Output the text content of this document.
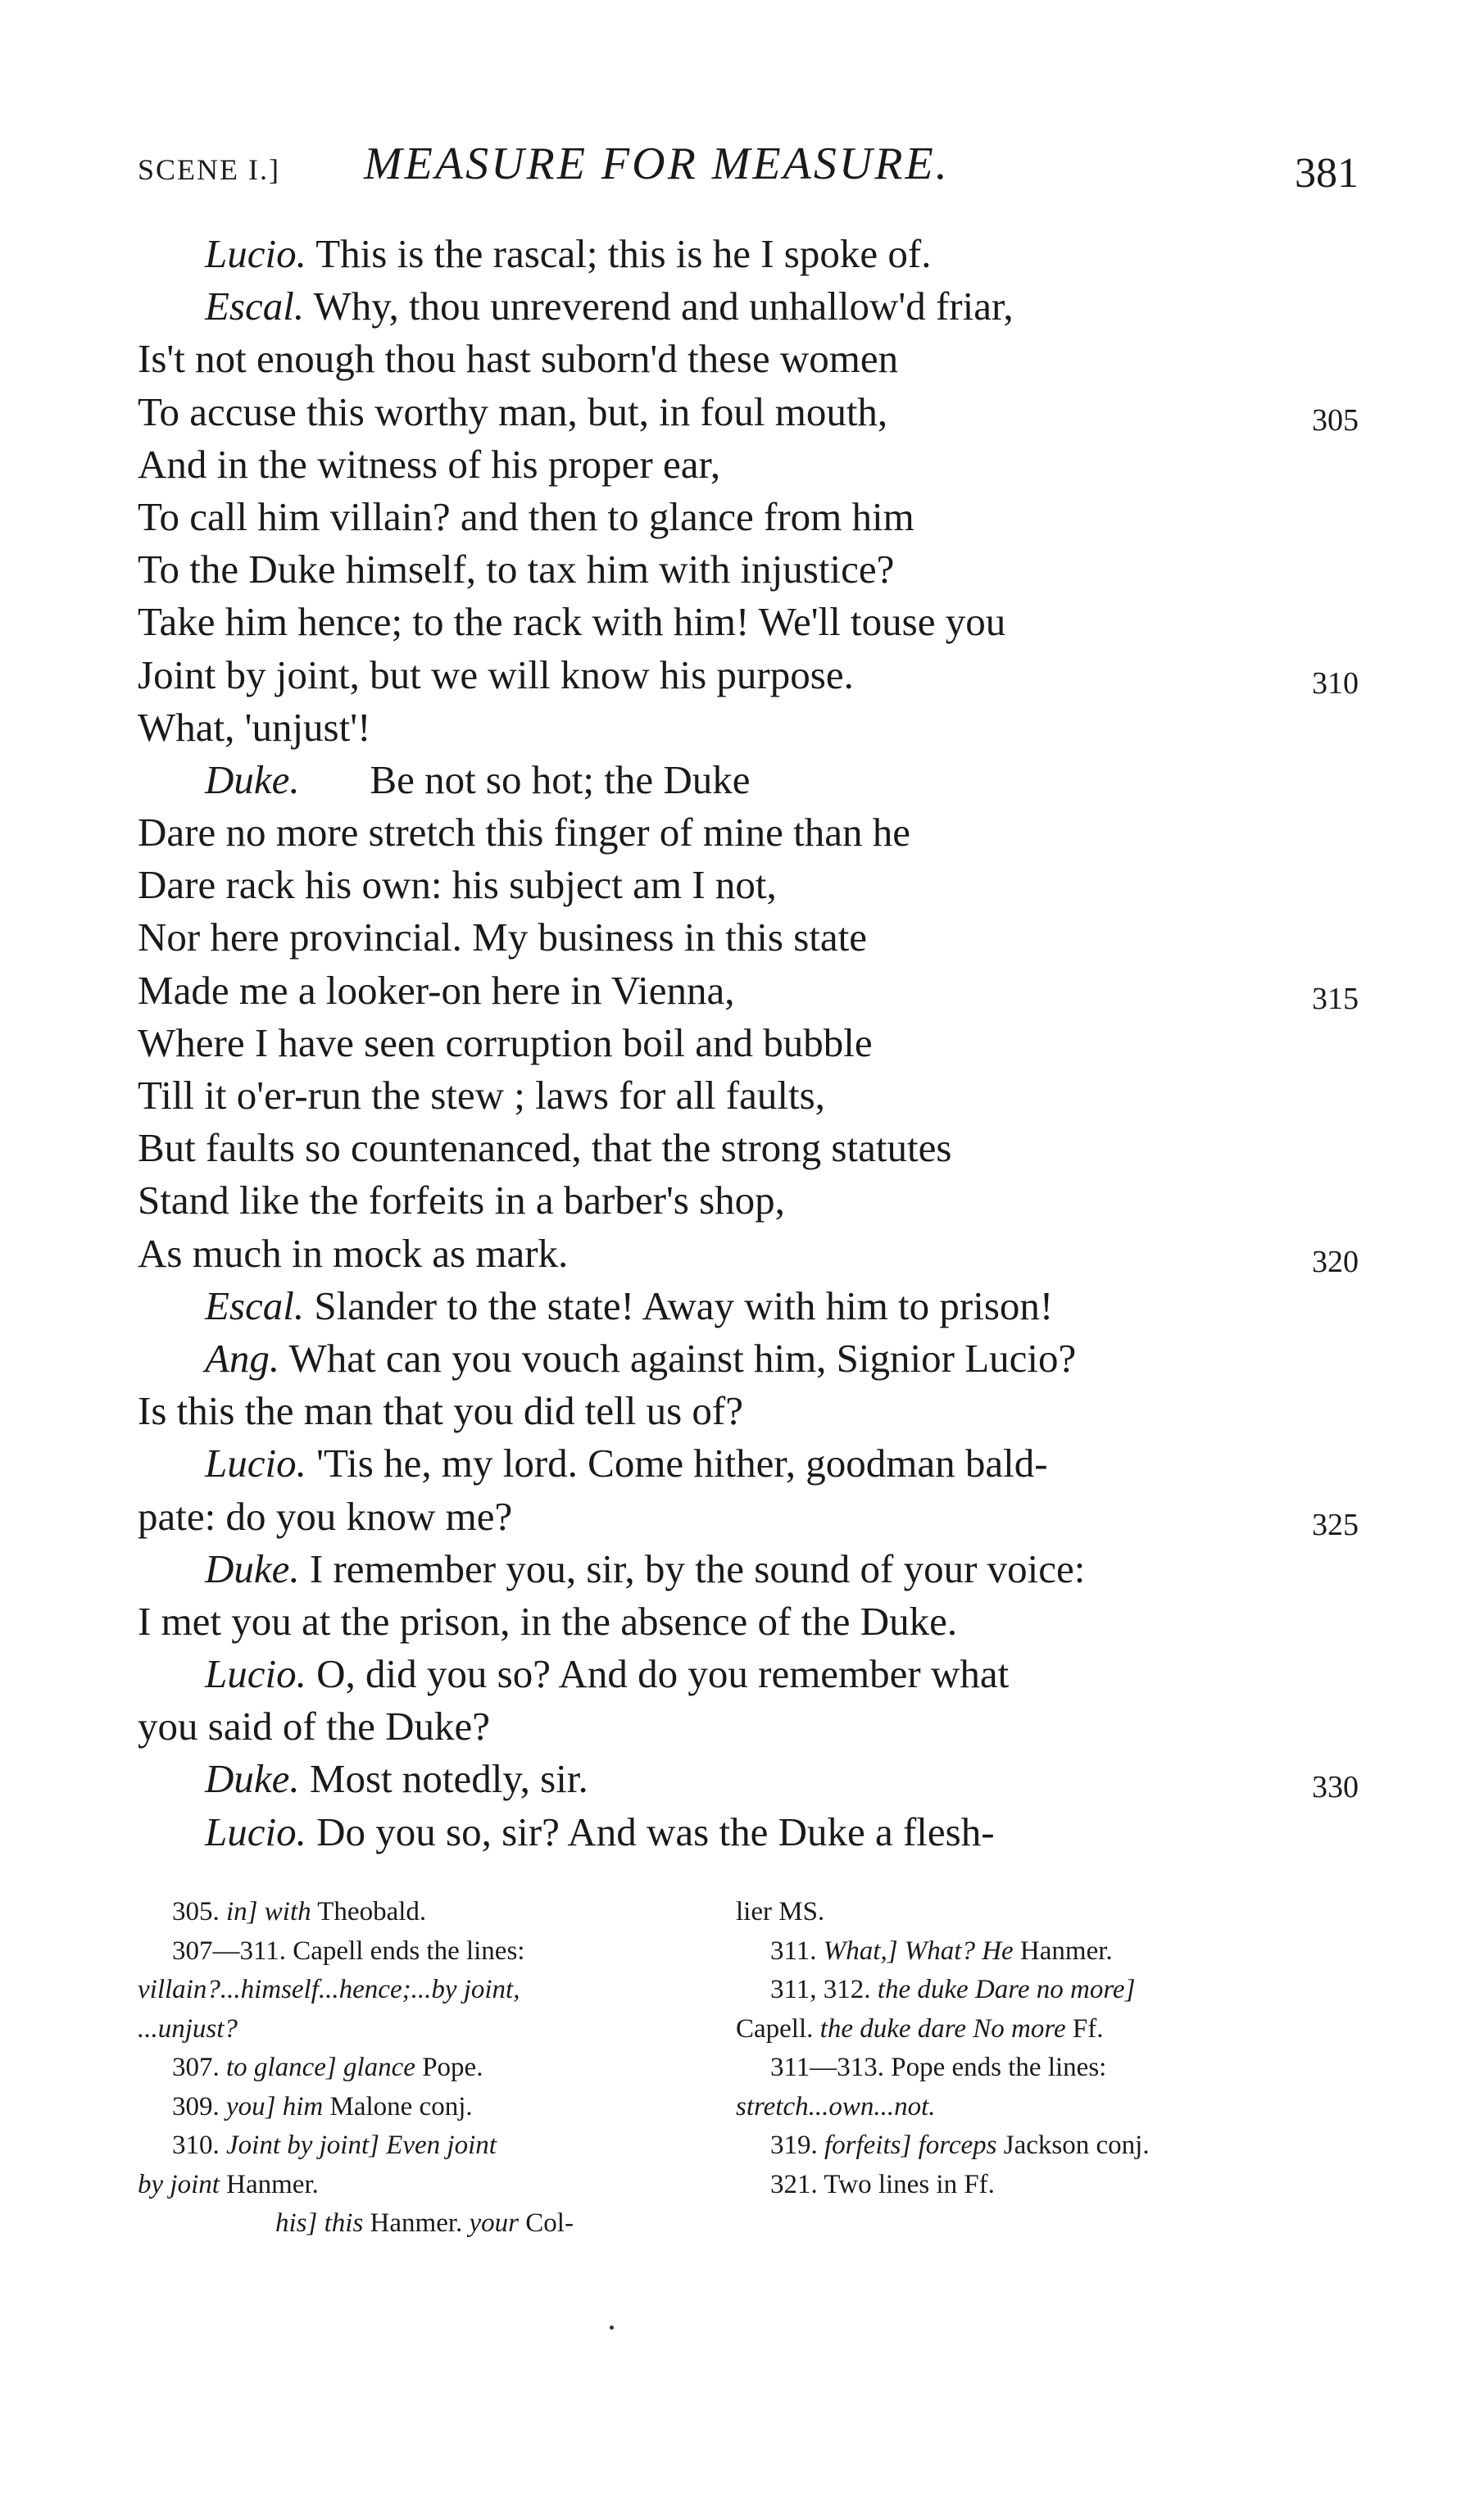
SCENE I.] MEASURE FOR MEASURE.	381
Lucio. This is the rascal; this is he I spoke of.
Escal. Why, thou unreverend and unhallow'd friar,
Is't not enough thou hast suborn'd these women
To accuse this worthy man, but, in foul mouth,	305
And in the witness of his proper ear,
To call him villain? and then to glance from him
To the Duke himself, to tax him with injustice?
Take him hence; to the rack with him! We'll touse you
Joint by joint, but we will know his purpose.	310
What, 'unjust'!
Duke.       Be not so hot; the Duke
Dare no more stretch this finger of mine than he
Dare rack his own: his subject am I not,
Nor here provincial. My business in this state
Made me a looker-on here in Vienna,	315
Where I have seen corruption boil and bubble
Till it o'er-run the stew ; laws for all faults,
But faults so countenanced, that the strong statutes
Stand like the forfeits in a barber's shop,
As much in mock as mark.	320
Escal. Slander to the state! Away with him to prison!
Ang. What can you vouch against him, Signior Lucio?
Is this the man that you did tell us of?
Lucio. 'Tis he, my lord. Come hither, goodman bald-
pate: do you know me?	325
Duke. I remember you, sir, by the sound of your voice:
I met you at the prison, in the absence of the Duke.
Lucio. O, did you so? And do you remember what
you said of the Duke?
Duke. Most notedly, sir.	330
Lucio. Do you so, sir? And was the Duke a flesh-
305. in] with Theobald.
307—311. Capell ends the lines:
villain?...himself...hence;...by joint,
...unjust?
307. to glance] glance Pope.
309. you] him Malone conj.
310. Joint by joint] Even joint
by joint Hanmer.
his] this Hanmer. your Col-
lier MS.
311. What,] What? He Hanmer.
311, 312. the duke Dare no more]
Capell. the duke dare No more Ff.
311—313. Pope ends the lines:
stretch...own...not.
319. forfeits] forceps Jackson conj.
321. Two lines in Ff.
